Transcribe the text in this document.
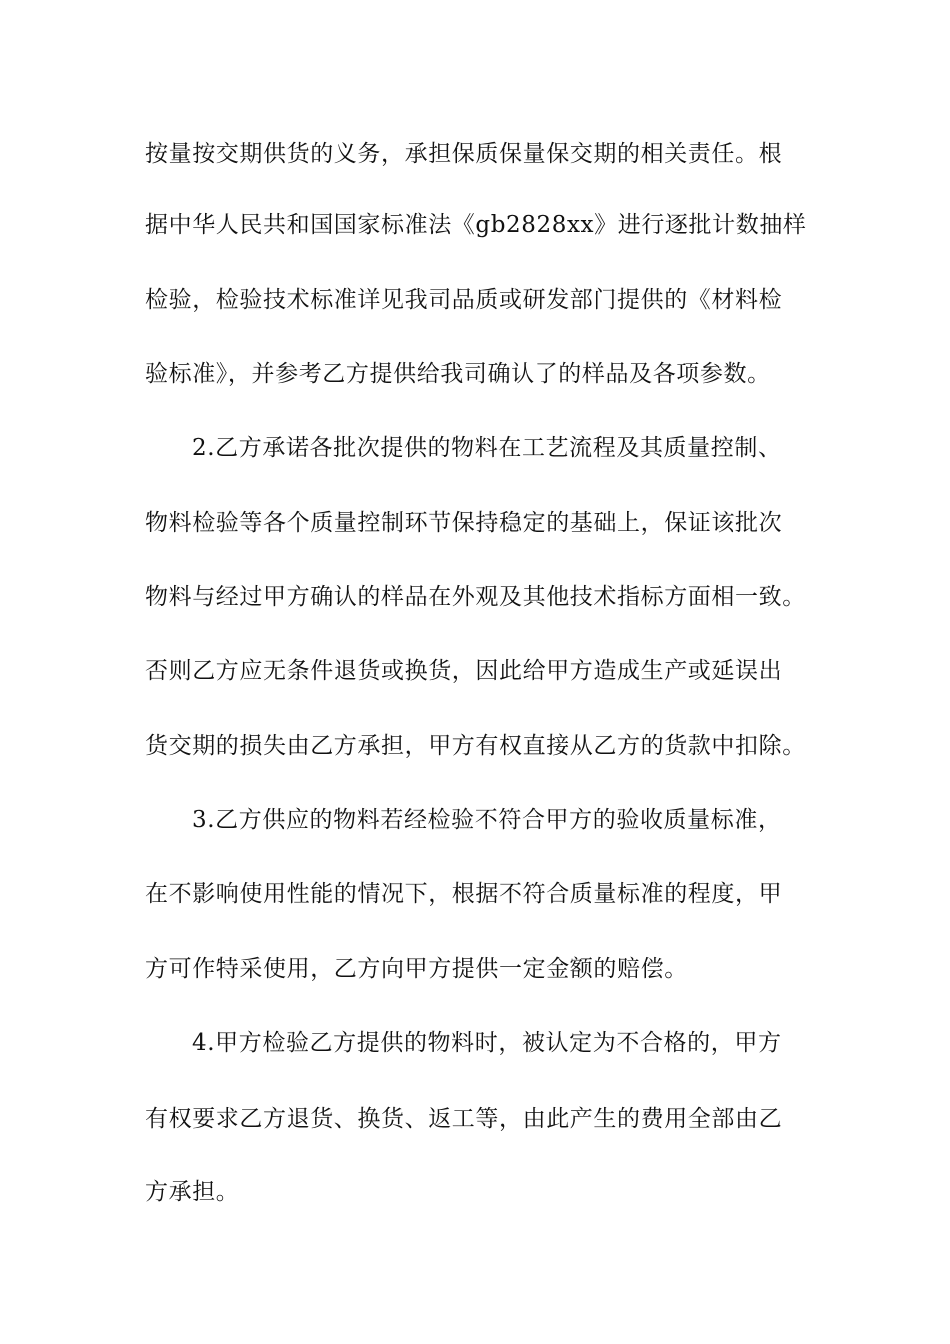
按量按交期供货的义务，承担保质保量保交期的相关责任。根
据中华人民共和国国家标准法《gb2828xx》进行逐批计数抽样
检验，检验技术标准详见我司品质或研发部门提供的《材料检
验标准》，并参考乙方提供给我司确认了的样品及各项参数。
2.乙方承诺各批次提供的物料在工艺流程及其质量控制、
物料检验等各个质量控制环节保持稳定的基础上，保证该批次
物料与经过甲方确认的样品在外观及其他技术指标方面相一致。
否则乙方应无条件退货或换货，因此给甲方造成生产或延误出
货交期的损失由乙方承担，甲方有权直接从乙方的货款中扣除。
3.乙方供应的物料若经检验不符合甲方的验收质量标准，
在不影响使用性能的情况下，根据不符合质量标准的程度，甲
方可作特采使用，乙方向甲方提供一定金额的赔偿。
4.甲方检验乙方提供的物料时，被认定为不合格的，甲方
有权要求乙方退货、换货、返工等，由此产生的费用全部由乙
方承担。
